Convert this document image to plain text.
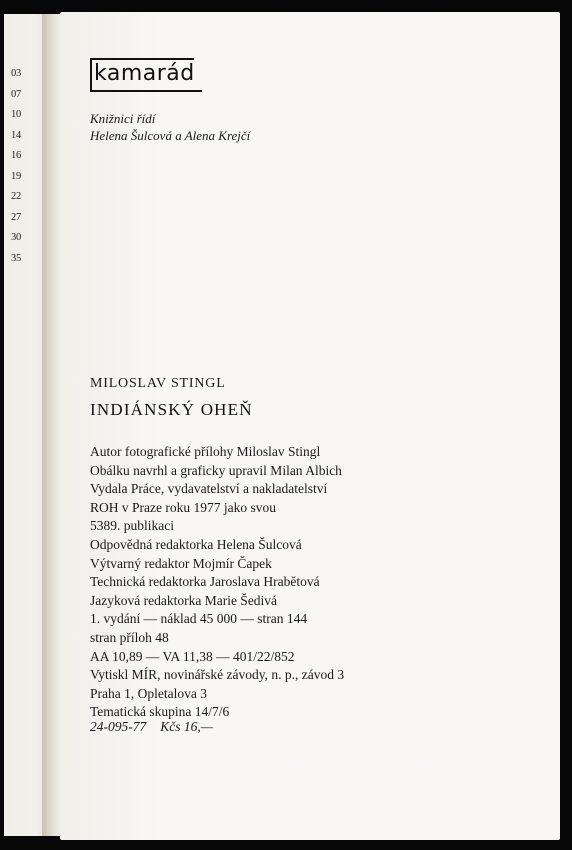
03
07
10
14
16
19
22
27
30
35
kamarád
Knižnici řídí
Helena Šulcová a Alena Krejčí
MILOSLAV STINGL
INDIÁNSKÝ OHEŇ
Autor fotografické přílohy Miloslav Stingl
Obálku navrhl a graficky upravil Milan Albich
Vydala Práce, vydavatelství a nakladatelství
ROH v Praze roku 1977 jako svou
5389. publikaci
Odpovědná redaktorka Helena Šulcová
Výtvarný redaktor Mojmír Čapek
Technická redaktorka Jaroslava Hrabětová
Jazyková redaktorka Marie Šedivá
1. vydání — náklad 45 000 — stran 144
stran příloh 48
AA 10,89 — VA 11,38 — 401/22/852
Vytiskl MÍR, novinářské závody, n. p., závod 3
Praha 1, Opletalova 3
Tematická skupina 14/7/6
24-095-77 Kčs 16,—
